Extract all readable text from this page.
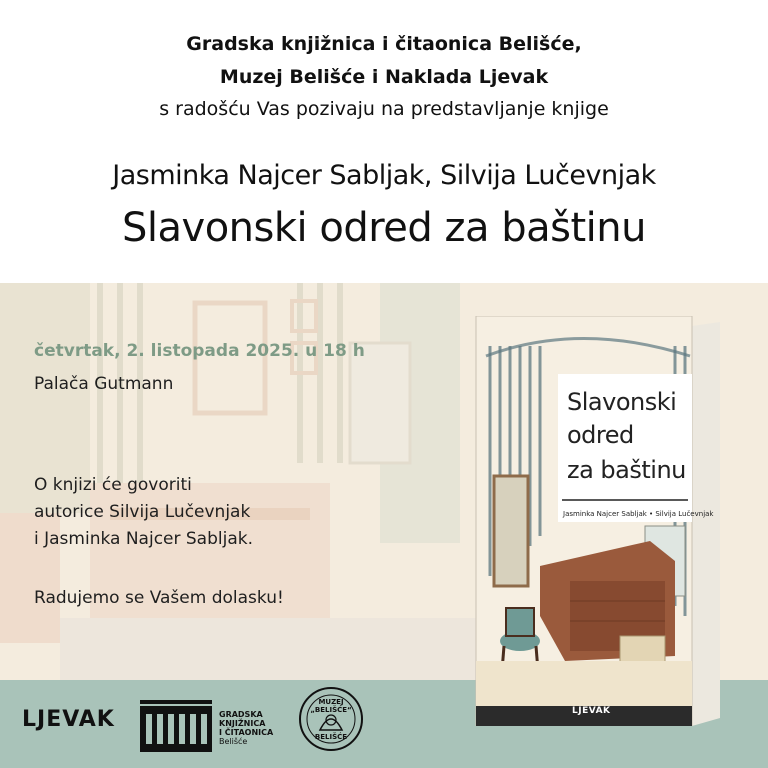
Gradska knjižnica i čitaonica Belišće,
Muzej Belišće i Naklada Ljevak
s radošću Vas pozivaju na predstavljanje knjige
Jasminka Najcer Sabljak, Silvija Lučevnjak
Slavonski odred za baštinu
četvrtak, 2. listopada 2025. u 18 h
Palača Gutmann
O knjizi će govoriti
autorice Silvija Lučevnjak
i Jasminka Najcer Sabljak.
Radujemo se Vašem dolasku!
LJEVAK	GRADSKA
KNJIŽNICA
I ČITAONICA
Belišće
MUZEJ „BELIŠĆE“
BELIŠĆE
Slavonski
odred
za baštinu
Jasminka Najcer Sabljak • Silvija Lučevnjak
LJEVAK
